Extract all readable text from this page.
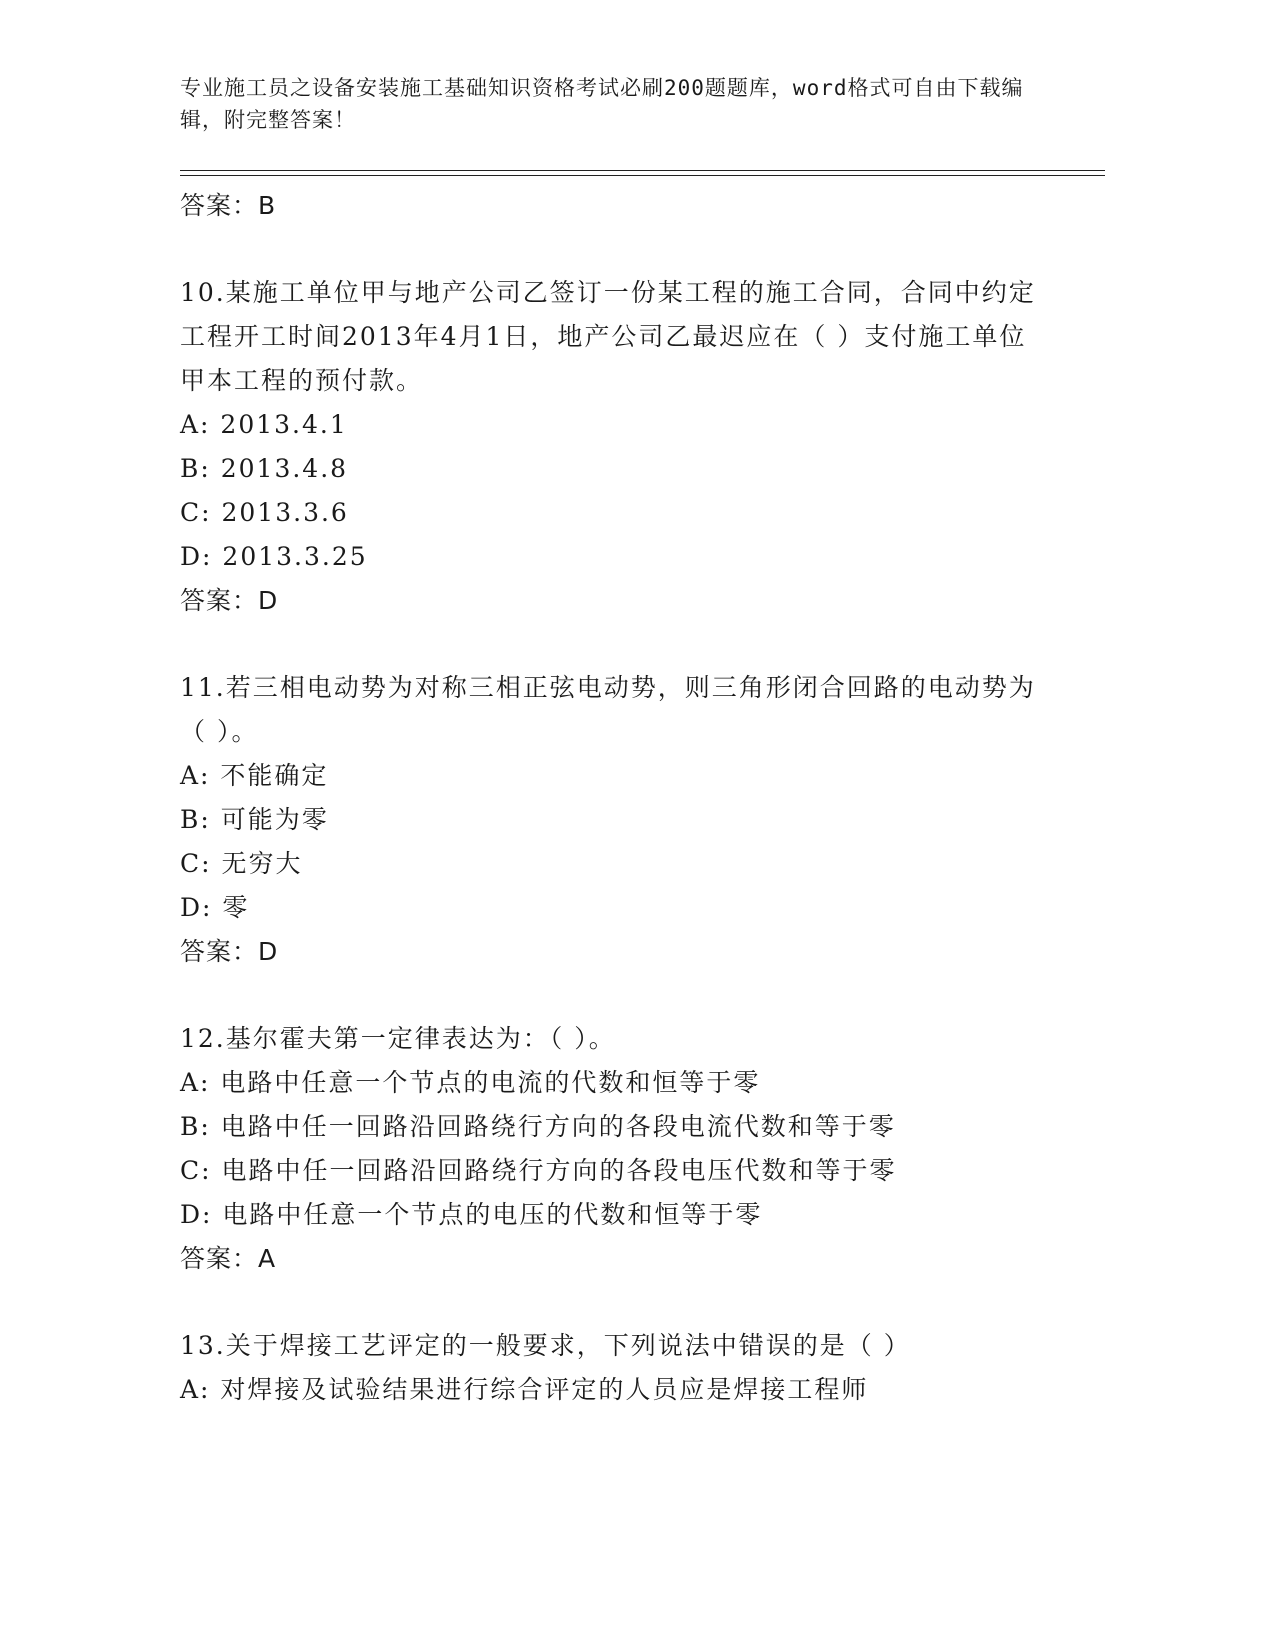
专业施工员之设备安装施工基础知识资格考试必刷200题题库，word格式可自由下载编辑，附完整答案！
答案：B
10.某施工单位甲与地产公司乙签订一份某工程的施工合同，合同中约定工程开工时间2013年4月1日，地产公司乙最迟应在（ ）支付施工单位甲本工程的预付款。
A: 2013.4.1
B: 2013.4.8
C: 2013.3.6
D: 2013.3.25
答案：D
11.若三相电动势为对称三相正弦电动势，则三角形闭合回路的电动势为（ ）。
A: 不能确定
B: 可能为零
C: 无穷大
D: 零
答案：D
12.基尔霍夫第一定律表达为：（ ）。
A: 电路中任意一个节点的电流的代数和恒等于零
B: 电路中任一回路沿回路绕行方向的各段电流代数和等于零
C: 电路中任一回路沿回路绕行方向的各段电压代数和等于零
D: 电路中任意一个节点的电压的代数和恒等于零
答案：A
13.关于焊接工艺评定的一般要求，下列说法中错误的是（ ）
A: 对焊接及试验结果进行综合评定的人员应是焊接工程师
